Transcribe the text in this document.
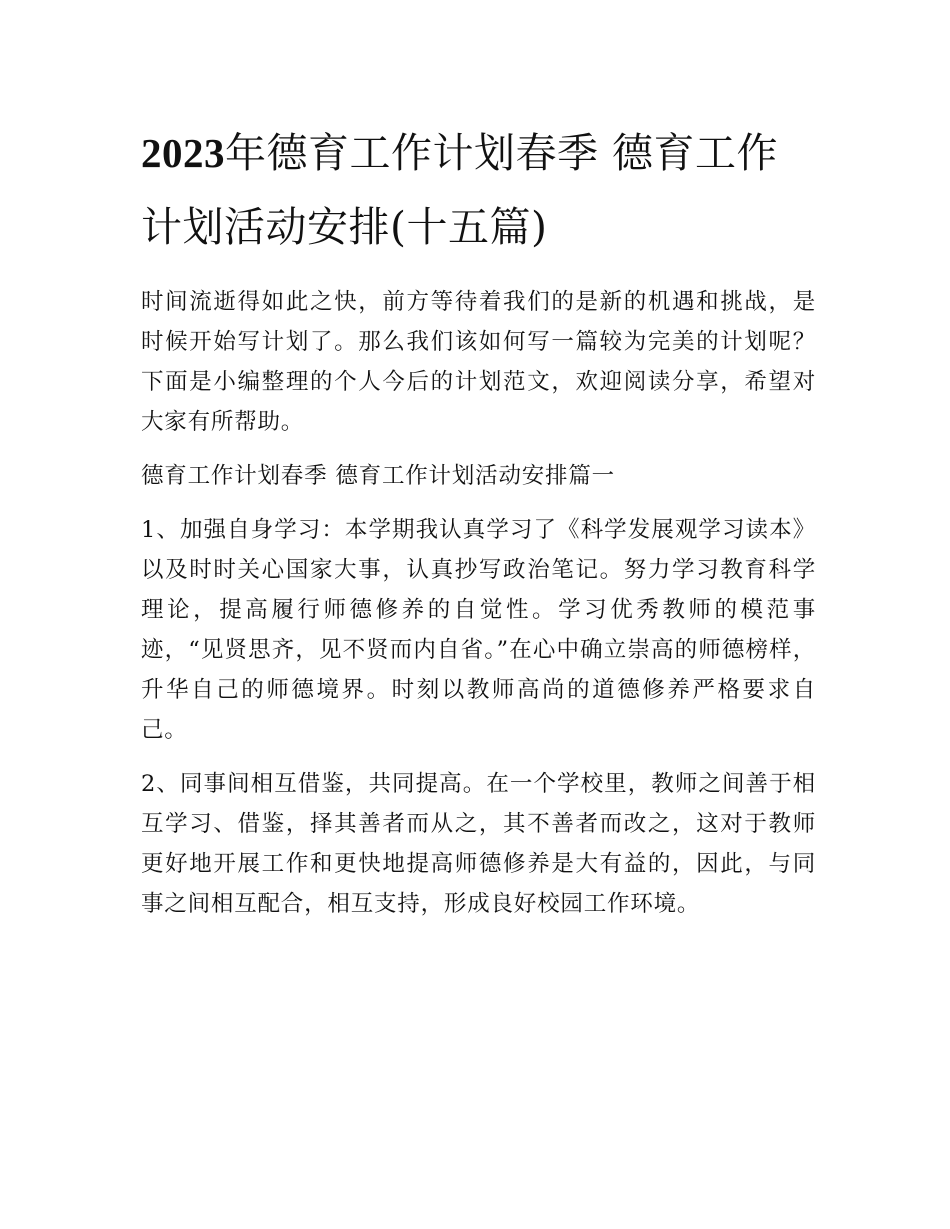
2023年德育工作计划春季 德育工作计划活动安排(十五篇)

时间流逝得如此之快，前方等待着我们的是新的机遇和挑战，是时候开始写计划了。那么我们该如何写一篇较为完美的计划呢？下面是小编整理的个人今后的计划范文，欢迎阅读分享，希望对大家有所帮助。

德育工作计划春季 德育工作计划活动安排篇一

1、加强自身学习：本学期我认真学习了《科学发展观学习读本》以及时时关心国家大事，认真抄写政治笔记。努力学习教育科学理论，提高履行师德修养的自觉性。学习优秀教师的模范事迹，“见贤思齐，见不贤而内自省。”在心中确立崇高的师德榜样，升华自己的师德境界。时刻以教师高尚的道德修养严格要求自己。

2、同事间相互借鉴，共同提高。在一个学校里，教师之间善于相互学习、借鉴，择其善者而从之，其不善者而改之，这对于教师更好地开展工作和更快地提高师德修养是大有益的，因此，与同事之间相互配合，相互支持，形成良好校园工作环境。
